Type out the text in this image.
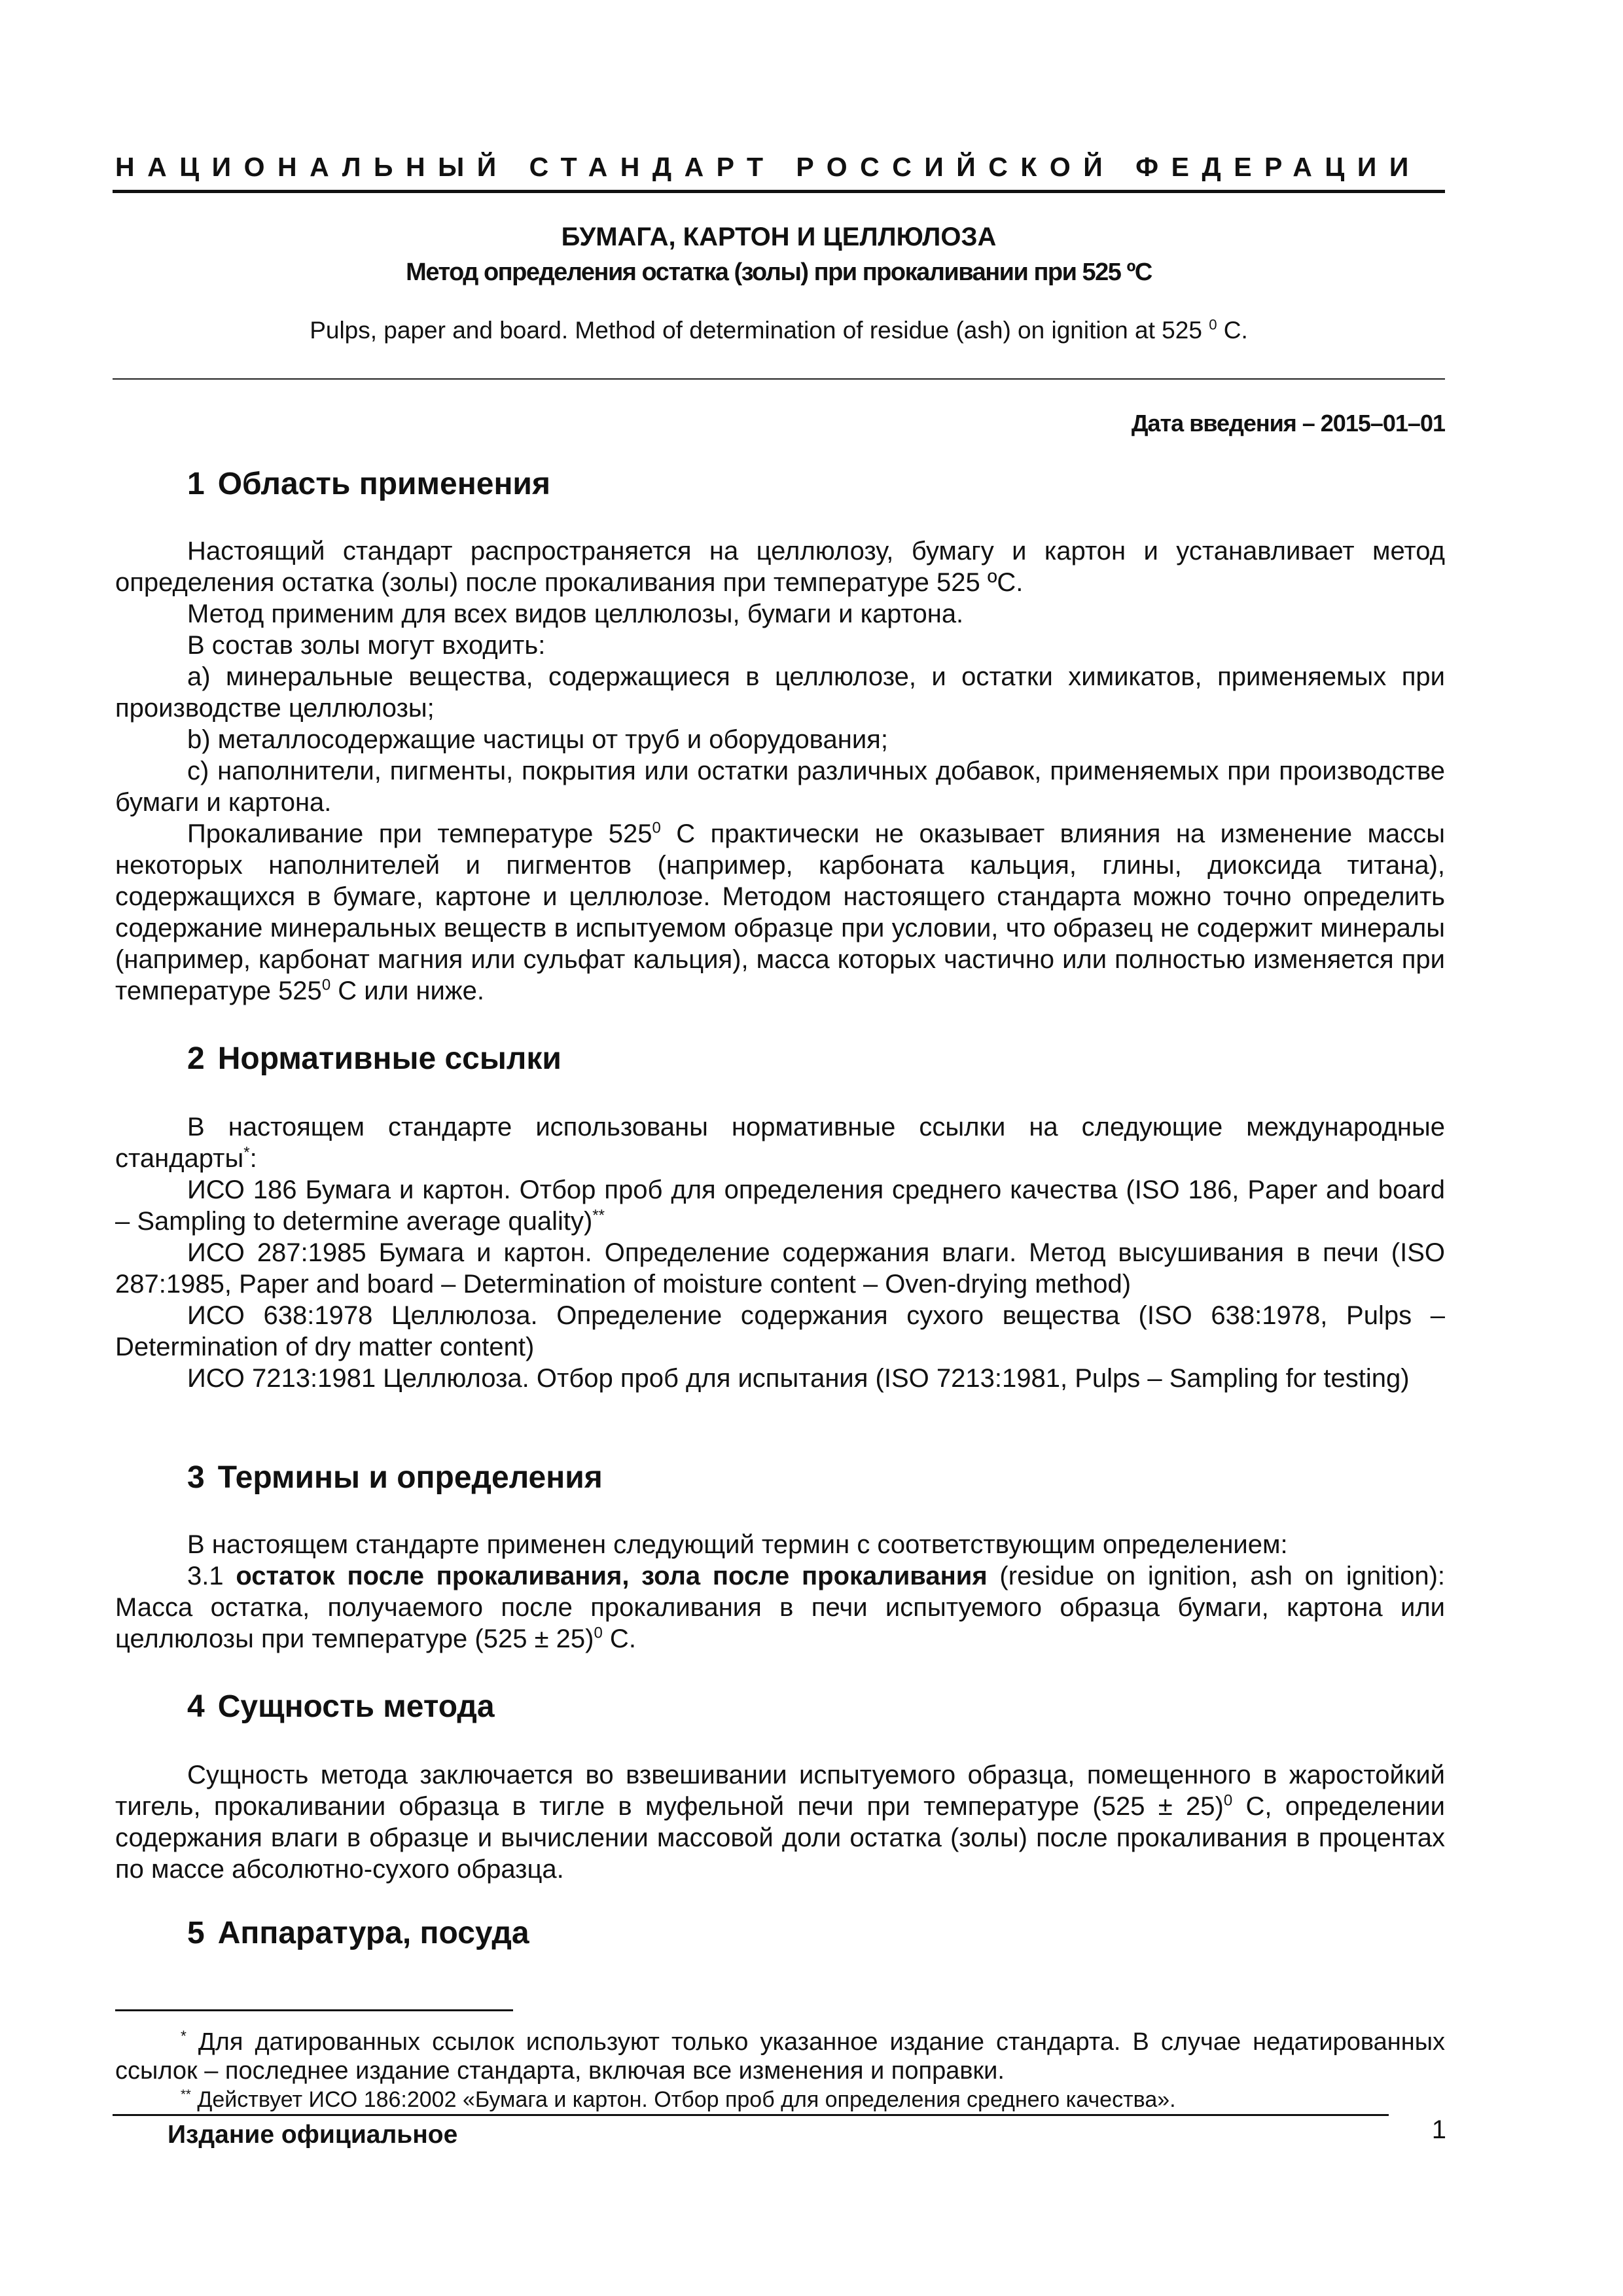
НАЦИОНАЛЬНЫЙ СТАНДАРТ РОССИЙСКОЙ ФЕДЕРАЦИИ
БУМАГА, КАРТОН И ЦЕЛЛЮЛОЗА
Метод определения остатка (золы) при прокаливании при 525 ºС
Pulps, paper and board. Method of determination of residue (ash) on ignition at 525 $^0$ C.
Дата введения – 2015–01–01
1 Область применения

Настоящий стандарт распространяется на целлюлозу, бумагу и картон и устанавливает метод определения остатка (золы) после прокаливания при температуре 525 ºС.

Метод применим для всех видов целлюлозы, бумаги и картона.

В состав золы могут входить:

а) минеральные вещества, содержащиеся в целлюлозе, и остатки химикатов, применяемых при производстве целлюлозы;

b) металлосодержащие частицы от труб и оборудования;

с) наполнители, пигменты, покрытия или остатки различных добавок, применяемых при производстве бумаги и картона.

Прокаливание при температуре $525^0$ С практически не оказывает влияния на изменение массы некоторых наполнителей и пигментов (например, карбоната кальция, глины, диоксида титана), содержащихся в бумаге, картоне и целлюлозе. Методом настоящего стандарта можно точно определить содержание минеральных веществ в испытуемом образце при условии, что образец не содержит минералы (например, карбонат магния или сульфат кальция), масса которых частично или полностью изменяется при температуре $525^0$ С или ниже.

2 Нормативные ссылки

В настоящем стандарте использованы нормативные ссылки на следующие международные стандарты*:

ИСО 186 Бумага и картон. Отбор проб для определения среднего качества (ISO 186, Paper and board – Sampling to determine average quality)**

ИСО 287:1985 Бумага и картон. Определение содержания влаги. Метод высушивания в печи (ISO 287:1985, Paper and board – Determination of moisture content – Oven-drying method)

ИСО 638:1978 Целлюлоза. Определение содержания сухого вещества (ISO 638:1978, Pulps – Determination of dry matter content)

ИСО 7213:1981 Целлюлоза. Отбор проб для испытания (ISO 7213:1981, Pulps – Sampling for testing)

3 Термины и определения

В настоящем стандарте применен следующий термин с соответствующим определением:

3.1 остаток после прокаливания, зола после прокаливания (residue on ignition, ash on ignition): Масса остатка, получаемого после прокаливания в печи испытуемого образца бумаги, картона или целлюлозы при температуре $(525 \pm 25)^0$ С.

4 Сущность метода

Сущность метода заключается во взвешивании испытуемого образца, помещенного в жаростойкий тигель, прокаливании образца в тигле в муфельной печи при температуре $(525 \pm 25)^0$ С, определении содержания влаги в образце и вычислении массовой доли остатка (золы) после прокаливания в процентах по массе абсолютно-сухого образца.

5 Аппаратура, посуда

* Для датированных ссылок используют только указанное издание стандарта. В случае недатированных ссылок – последнее издание стандарта, включая все изменения и поправки.

** Действует ИСО 186:2002 «Бумага и картон. Отбор проб для определения среднего качества».

Издание официальное	1
